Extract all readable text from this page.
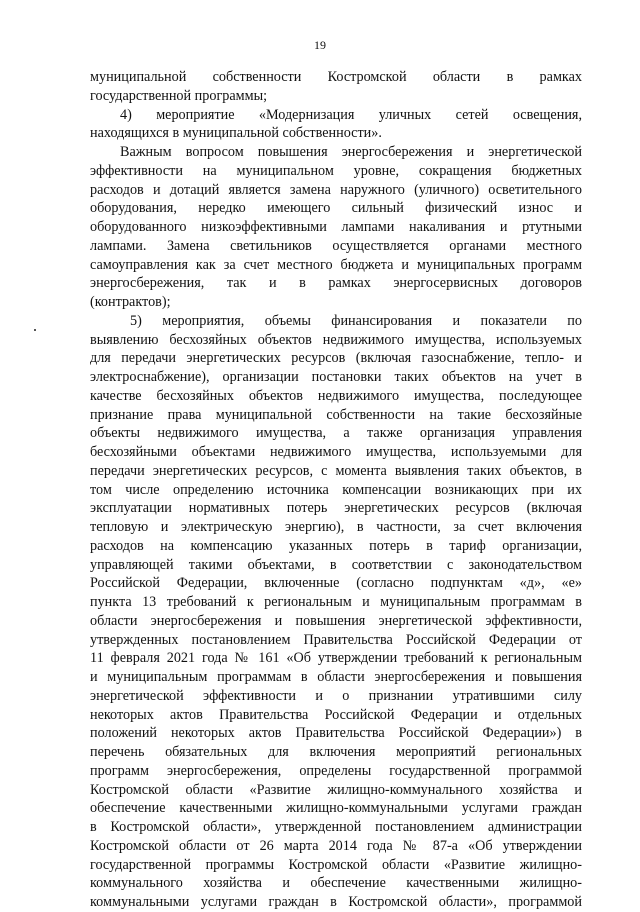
19
муниципальной собственности Костромской области в рамках
государственной программы;
4) мероприятие «Модернизация уличных сетей освещения,
находящихся в муниципальной собственности».
Важным вопросом повышения энергосбережения и энергетической
эффективности на муниципальном уровне, сокращения бюджетных
расходов и дотаций является замена наружного (уличного) осветительного
оборудования, нередко имеющего сильный физический износ и
оборудованного низкоэффективными лампами накаливания и ртутными
лампами. Замена светильников осуществляется органами местного
самоуправления как за счет местного бюджета и муниципальных программ
энергосбережения, так и в рамках энергосервисных договоров
(контрактов);
5) мероприятия, объемы финансирования и показатели по
выявлению бесхозяйных объектов недвижимого имущества, используемых
для передачи энергетических ресурсов (включая газоснабжение, тепло- и
электроснабжение), организации постановки таких объектов на учет в
качестве бесхозяйных объектов недвижимого имущества, последующее
признание права муниципальной собственности на такие бесхозяйные
объекты недвижимого имущества, а также организация управления
бесхозяйными объектами недвижимого имущества, используемыми для
передачи энергетических ресурсов, с момента выявления таких объектов, в
том числе определению источника компенсации возникающих при их
эксплуатации нормативных потерь энергетических ресурсов (включая
тепловую и электрическую энергию), в частности, за счет включения
расходов на компенсацию указанных потерь в тариф организации,
управляющей такими объектами, в соответствии с законодательством
Российской Федерации, включенные (согласно подпунктам «д», «е»
пункта 13 требований к региональным и муниципальным программам в
области энергосбережения и повышения энергетической эффективности,
утвержденных постановлением Правительства Российской Федерации от
11 февраля 2021 года № 161 «Об утверждении требований к региональным
и муниципальным программам в области энергосбережения и повышения
энергетической эффективности и о признании утратившими силу
некоторых актов Правительства Российской Федерации и отдельных
положений некоторых актов Правительства Российской Федерации») в
перечень обязательных для включения мероприятий региональных
программ энергосбережения, определены государственной программой
Костромской области «Развитие жилищно-коммунального хозяйства и
обеспечение качественными жилищно-коммунальными услугами граждан
в Костромской области», утвержденной постановлением администрации
Костромской области от 26 марта 2014 года № 87-а «Об утверждении
государственной программы Костромской области «Развитие жилищно-
коммунального хозяйства и обеспечение качественными жилищно-
коммунальными услугами граждан в Костромской области», программой
